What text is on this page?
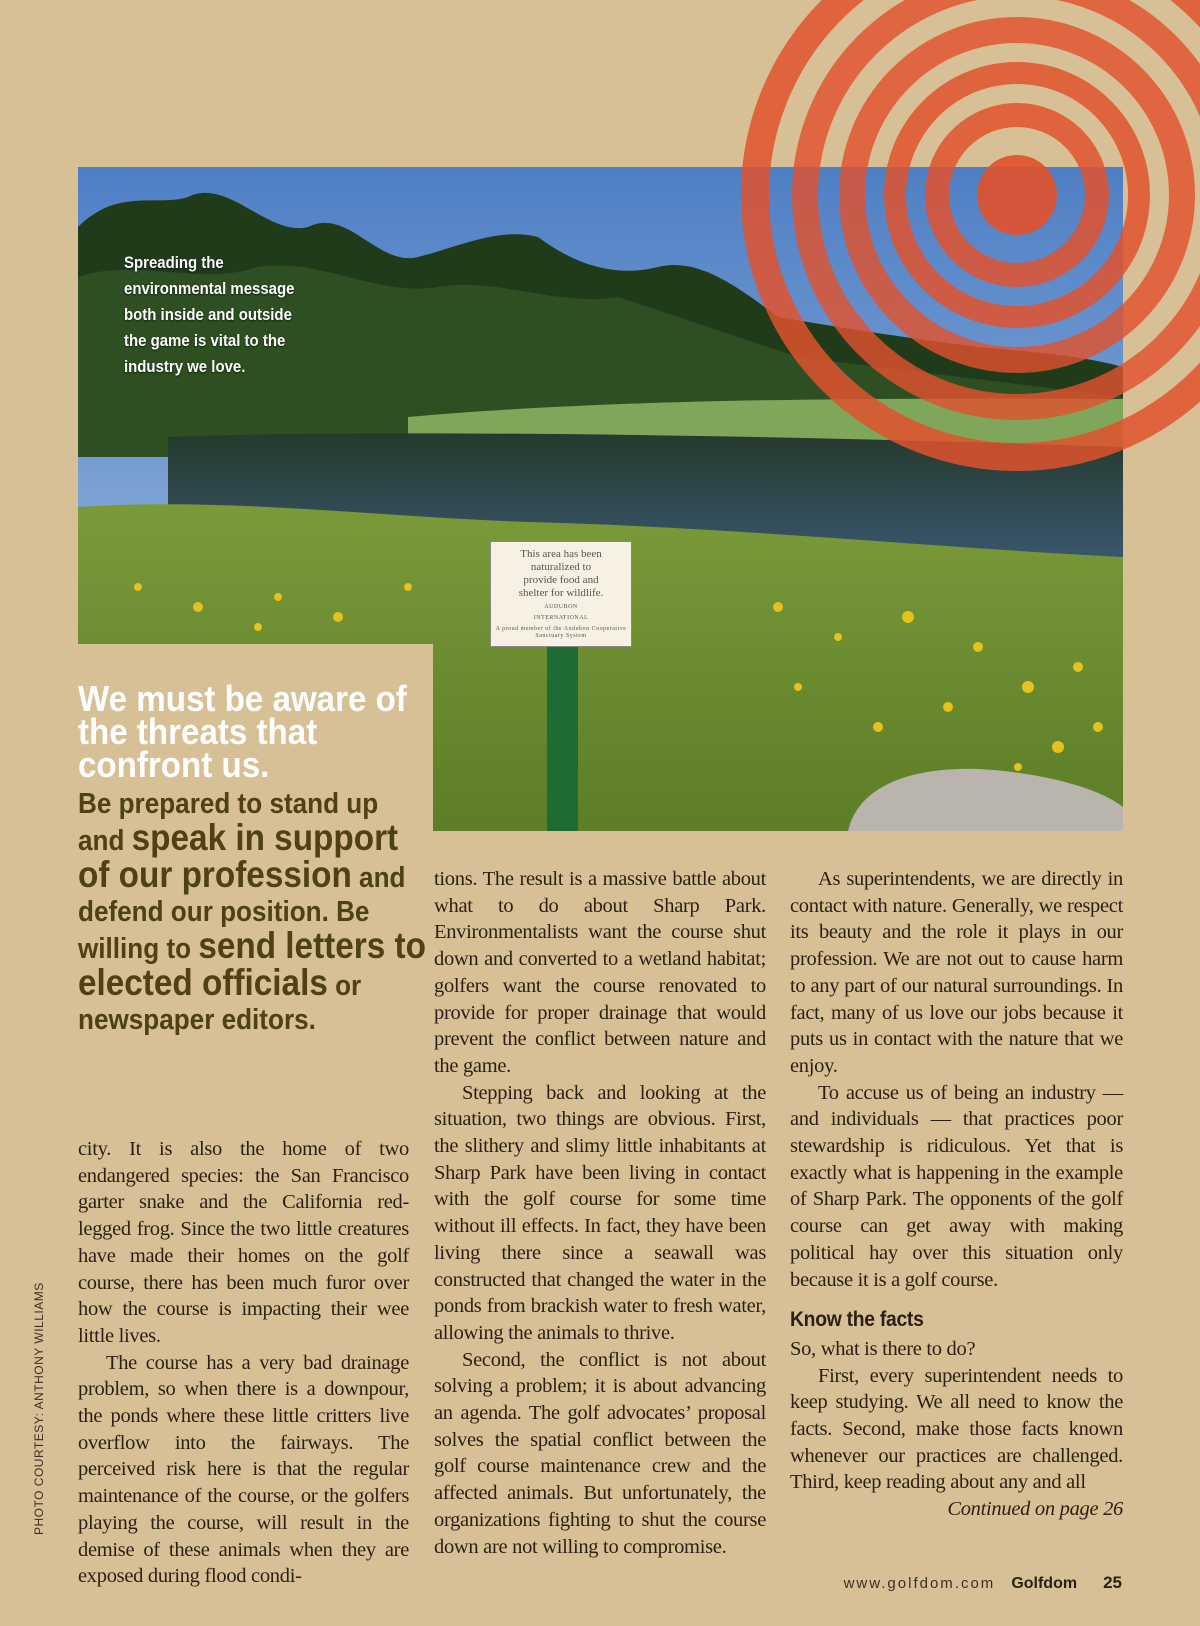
Spreading the environmental message both inside and outside the game is vital to the industry we love.
This area has been
naturalized to
provide food and
shelter for wildlife.
AUDUBON
INTERNATIONAL
A proud member of the Audubon Cooperative Sanctuary System
We must be aware of the threats that confront us.
Be prepared to stand up and speak in support of our profession and defend our position. Be willing to send letters to elected officials or newspaper editors.

city. It is also the home of two endangered species: the San Francisco garter snake and the California red-legged frog. Since the two little creatures have made their homes on the golf course, there has been much furor over how the course is impacting their wee little lives.

The course has a very bad drainage problem, so when there is a downpour, the ponds where these little critters live overflow into the fairways. The perceived risk here is that the regular maintenance of the course, or the golfers playing the course, will result in the demise of these animals when they are exposed during flood condi-

tions. The result is a massive battle about what to do about Sharp Park. Environmentalists want the course shut down and converted to a wetland habitat; golfers want the course renovated to provide for proper drainage that would prevent the conflict between nature and the game.

Stepping back and looking at the situation, two things are obvious. First, the slithery and slimy little inhabitants at Sharp Park have been living in contact with the golf course for some time without ill effects. In fact, they have been living there since a seawall was constructed that changed the water in the ponds from brackish water to fresh water, allowing the animals to thrive.

Second, the conflict is not about solving a problem; it is about advancing an agenda. The golf advocates’ proposal solves the spatial conflict between the golf course maintenance crew and the affected animals. But unfortunately, the organizations fighting to shut the course down are not willing to compromise.

As superintendents, we are directly in contact with nature. Generally, we respect its beauty and the role it plays in our profession. We are not out to cause harm to any part of our natural surroundings. In fact, many of us love our jobs because it puts us in contact with the nature that we enjoy.

To accuse us of being an industry — and individuals — that practices poor stewardship is ridiculous. Yet that is exactly what is happening in the example of Sharp Park. The opponents of the golf course can get away with making political hay over this situation only because it is a golf course.

Know the facts

So, what is there to do?

First, every superintendent needs to keep studying. We all need to know the facts. Second, make those facts known whenever our practices are challenged. Third, keep reading about any and all

Continued on page 26

PHOTO COURTESY: ANTHONY WILLIAMS
www.golfdom.com Golfdom 25
